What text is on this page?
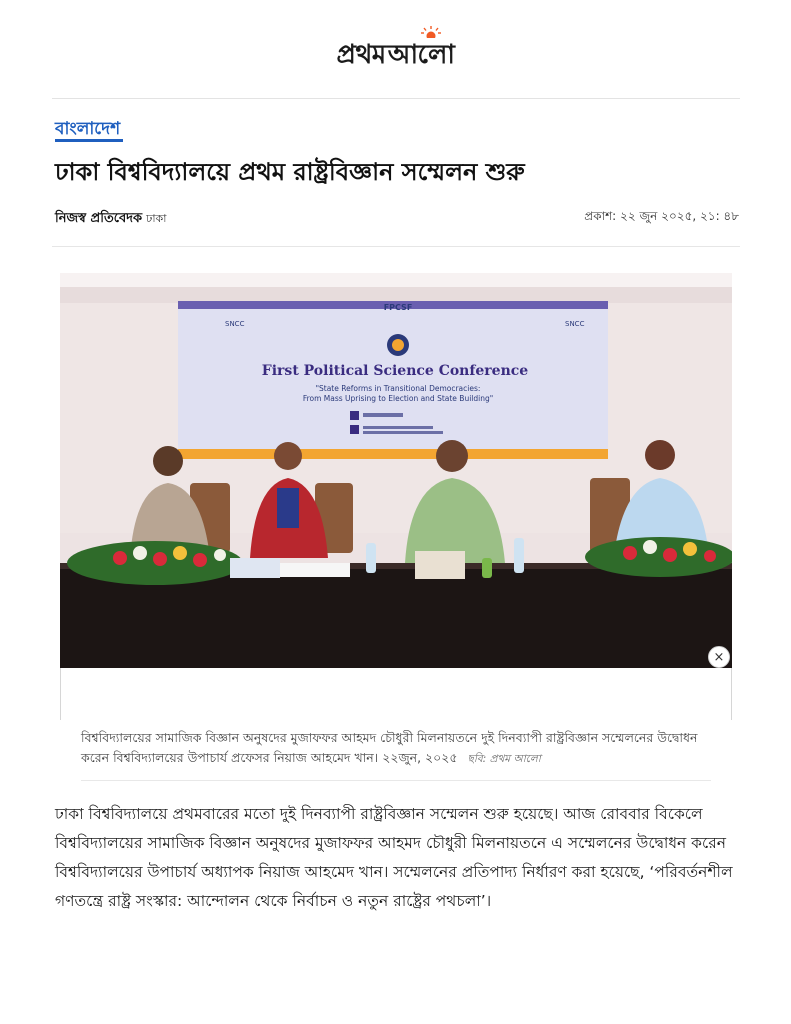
প্রথম আলো
বাংলাদেশ
ঢাকা বিশ্ববিদ্যালয়ে প্রথম রাষ্ট্রবিজ্ঞান সম্মেলন শুরু
নিজস্ব প্রতিবেদক ঢাকা	প্রকাশ: ২২ জুন ২০২৫, ২১: ৪৮
FPCSF
SNCC	SNCC
First Political Science Conference
"State Reforms in Transitional Democracies:
From Mass Uprising to Election and State Building"
×
বিশ্ববিদ্যালয়ের সামাজিক বিজ্ঞান অনুষদের মুজাফফর আহমদ চৌধুরী মিলনায়তনে দুই দিনব্যাপী রাষ্ট্রবিজ্ঞান সম্মেলনের উদ্বোধন করেন বিশ্ববিদ্যালয়ের উপাচার্য প্রফেসর নিয়াজ আহমেদ খান। ২২জুন, ২০২৫ ছবি: প্রথম আলো

ঢাকা বিশ্ববিদ্যালয়ে প্রথমবারের মতো দুই দিনব্যাপী রাষ্ট্রবিজ্ঞান সম্মেলন শুরু হয়েছে। আজ রোববার বিকেলে বিশ্ববিদ্যালয়ের সামাজিক বিজ্ঞান অনুষদের মুজাফফর আহমদ চৌধুরী মিলনায়তনে এ সম্মেলনের উদ্বোধন করেন বিশ্ববিদ্যালয়ের উপাচার্য অধ্যাপক নিয়াজ আহমেদ খান। সম্মেলনের প্রতিপাদ্য নির্ধারণ করা হয়েছে, ‘পরিবর্তনশীল গণতন্ত্রে রাষ্ট্র সংস্কার: আন্দোলন থেকে নির্বাচন ও নতুন রাষ্ট্রের পথচলা’।
